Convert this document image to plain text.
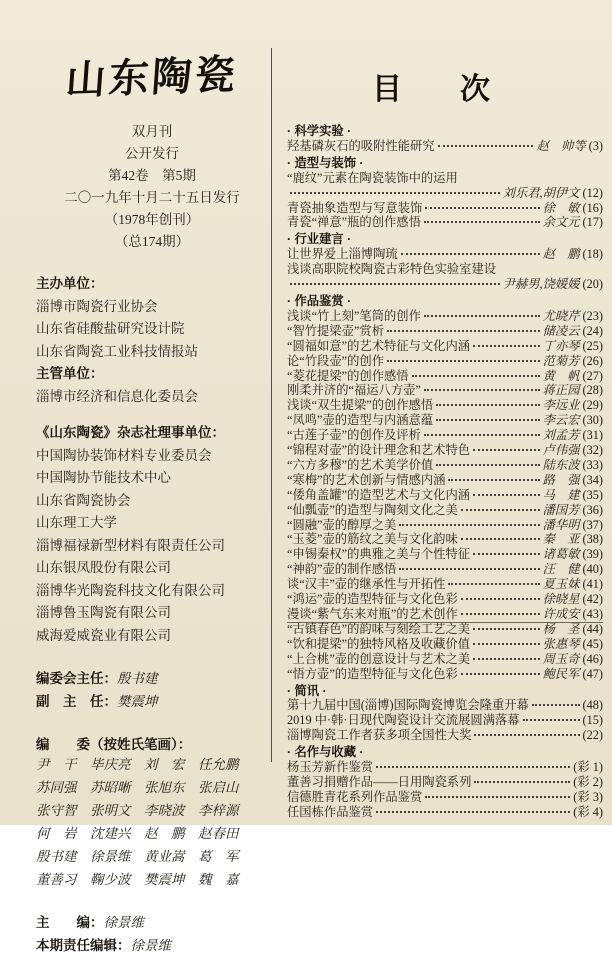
山东陶瓷
双月刊
公开发行
第42卷　第5期
二〇一九年十月二十五日发行
（1978年创刊）
（总174期）
主办单位：
淄博市陶瓷行业协会
山东省硅酸盐研究设计院
山东省陶瓷工业科技情报站
主管单位：
淄博市经济和信息化委员会
《山东陶瓷》杂志社理事单位：
中国陶协装饰材料专业委员会
中国陶协节能技术中心
山东省陶瓷协会
山东理工大学
淄博福禄新型材料有限责任公司
山东银凤股份有限公司
淄博华光陶瓷科技文化有限公司
淄博鲁玉陶瓷有限公司
威海爱威瓷业有限公司
编委会主任：殷书建
副　主　任：樊震坤
编　　委（按姓氏笔画）：
尹　干　毕庆亮　刘　宏　任允鹏
苏同强　苏昭晰　张旭东　张启山
张守智　张明文　李晓波　李梓源
何　岩　沈建兴　赵　鹏　赵春田
殷书建　徐景维　黄业嵩　葛　军
董善习　鞠少波　樊震坤　魏　嘉
主　　编：徐景维
本期责任编辑：徐景维
目　次
· 科学实验 ·
羟基磷灰石的吸附性能研究	赵　帅等 (3)
· 造型与装饰 ·
“鹿纹”元素在陶瓷装饰中的运用
刘乐君,胡伊文 (12)
青瓷抽象造型与写意装饰	徐　敏 (16)
青瓷“禅意”瓶的创作感悟	余文元 (17)
· 行业建言 ·
让世界爱上淄博陶琉	赵　鹏 (18)
浅谈高职院校陶瓷古彩特色实验室建设
尹赫男,饶媛媛 (20)
· 作品鉴赏 ·
浅谈“竹上刻”笔筒的创作	尤晓芹 (23)
“智竹提梁壶”赏析	储凌云 (24)
“圆福如意”的艺术特征与文化内涵	丁亦琴 (25)
论“竹段壶”的创作	范菊芳 (26)
“菱花提梁”的创作感悟	黄　帆 (27)
刚柔并济的“福运八方壶”	蒋正园 (28)
浅谈“双生提梁”的创作感悟	李远业 (29)
“凤鸣”壶的造型与内涵意蕴	李云宏 (30)
“古莲子壶”的创作及评析	刘孟芳 (31)
“锦程对壶”的设计理念和艺术特色	卢伟强 (32)
“六方多穆”的艺术美学价值	陆东波 (33)
“寒梅”的艺术创新与情感内涵	路　强 (34)
“倭角盖罐”的造型艺术与文化内涵	马　建 (35)
“仙瓢壶”的造型与陶刻文化之美	潘国芳 (36)
“圆融”壶的醇厚之美	潘华明 (37)
“玉菱”壶的筋纹之美与文化韵味	秦　亚 (38)
“申锡秦权”的典雅之美与个性特征	诸葛敏 (39)
“神韵”壶的制作感悟	汪　健 (40)
谈“汉丰”壶的继承性与开拓性	夏玉妹 (41)
“鸿运”壶的造型特征与文化色彩	徐晓星 (42)
漫谈“紫气东来对瓶”的艺术创作	许成安 (43)
“古镇春色”的韵味与刻绘工艺之美	杨　圣 (44)
“饮和提梁”的独特风格及收藏价值	张惠琴 (45)
“上合桃”壶的创意设计与艺术之美	周玉奇 (46)
“悟方壶”的造型特征与文化色彩	鲍民军 (47)
· 简讯 ·
第十九届中国(淄博)国际陶瓷博览会隆重开幕	(48)
2019 中·韩·日现代陶瓷设计交流展圆满落幕	(15)
淄博陶瓷工作者获多项全国性大奖	(22)
· 名作与收藏 ·
杨玉芳新作鉴赏	(彩 1)
董善习捐赠作品——日用陶瓷系列	(彩 2)
信德胜青花系列作品鉴赏	(彩 3)
任国栋作品鉴赏	(彩 4)
